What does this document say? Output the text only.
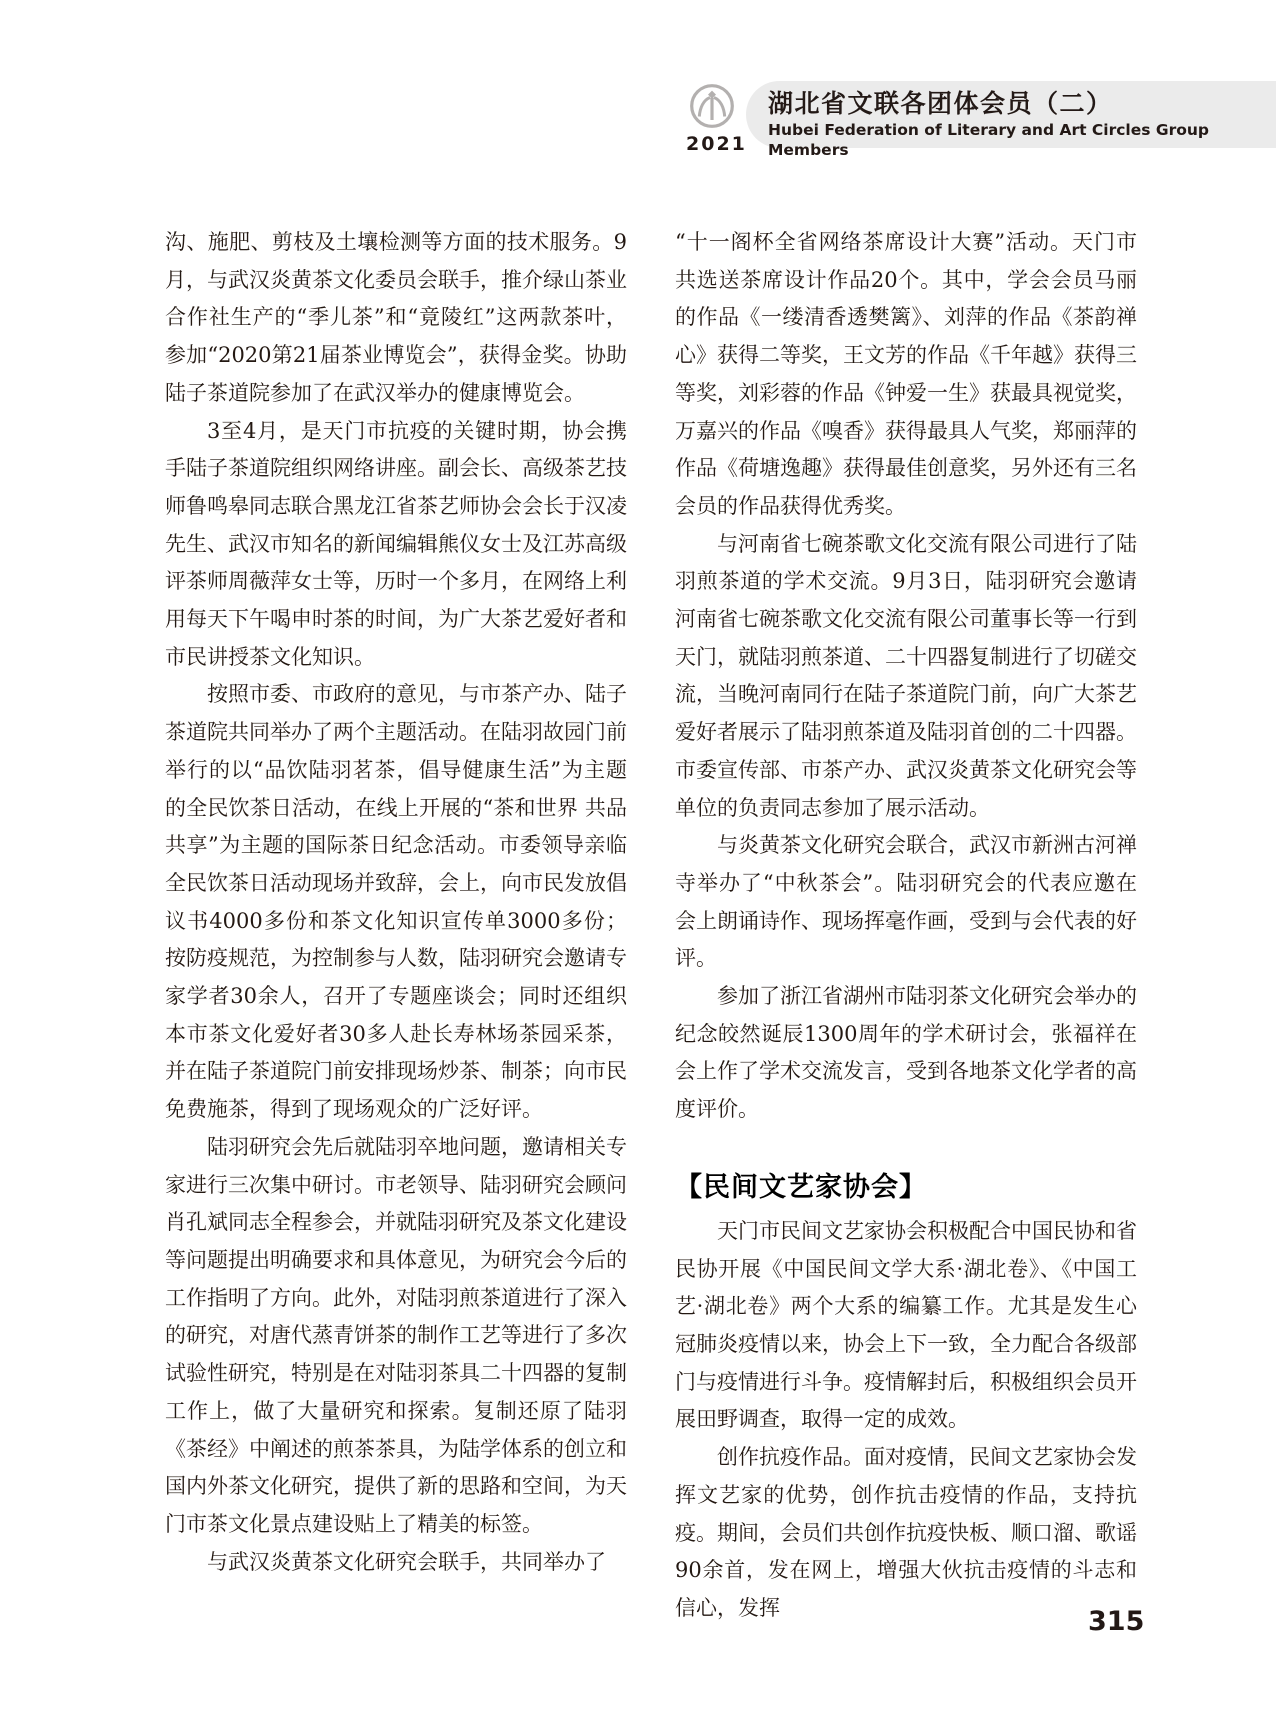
2021
湖北省文联各团体会员（二）
Hubei Federation of Literary and Art Circles Group Members

沟、施肥、剪枝及土壤检测等方面的技术服务。9月，与武汉炎黄茶文化委员会联手，推介绿山茶业合作社生产的“季儿茶”和“竟陵红”这两款茶叶，参加“2020第21届茶业博览会”，获得金奖。协助陆子茶道院参加了在武汉举办的健康博览会。

3至4月，是天门市抗疫的关键时期，协会携手陆子茶道院组织网络讲座。副会长、高级茶艺技师鲁鸣皋同志联合黑龙江省茶艺师协会会长于汉凌先生、武汉市知名的新闻编辑熊仪女士及江苏高级评茶师周薇萍女士等，历时一个多月，在网络上利用每天下午喝申时茶的时间，为广大茶艺爱好者和市民讲授茶文化知识。

按照市委、市政府的意见，与市茶产办、陆子茶道院共同举办了两个主题活动。在陆羽故园门前举行的以“品饮陆羽茗茶，倡导健康生活”为主题的全民饮茶日活动，在线上开展的“茶和世界 共品共享”为主题的国际茶日纪念活动。市委领导亲临全民饮茶日活动现场并致辞，会上，向市民发放倡议书4000多份和茶文化知识宣传单3000多份；按防疫规范，为控制参与人数，陆羽研究会邀请专家学者30余人，召开了专题座谈会；同时还组织本市茶文化爱好者30多人赴长寿林场茶园采茶，并在陆子茶道院门前安排现场炒茶、制茶；向市民免费施茶，得到了现场观众的广泛好评。

陆羽研究会先后就陆羽卒地问题，邀请相关专家进行三次集中研讨。市老领导、陆羽研究会顾问肖孔斌同志全程参会，并就陆羽研究及茶文化建设等问题提出明确要求和具体意见，为研究会今后的工作指明了方向。此外，对陆羽煎茶道进行了深入的研究，对唐代蒸青饼茶的制作工艺等进行了多次试验性研究，特别是在对陆羽茶具二十四器的复制工作上，做了大量研究和探索。复制还原了陆羽《茶经》中阐述的煎茶茶具，为陆学体系的创立和国内外茶文化研究，提供了新的思路和空间，为天门市茶文化景点建设贴上了精美的标签。

与武汉炎黄茶文化研究会联手，共同举办了

“十一阁杯全省网络茶席设计大赛”活动。天门市共选送茶席设计作品20个。其中，学会会员马丽的作品《一缕清香透樊篱》、刘萍的作品《茶韵禅心》获得二等奖，王文芳的作品《千年越》获得三等奖，刘彩蓉的作品《钟爱一生》获最具视觉奖，万嘉兴的作品《嗅香》获得最具人气奖，郑丽萍的作品《荷塘逸趣》获得最佳创意奖，另外还有三名会员的作品获得优秀奖。

与河南省七碗茶歌文化交流有限公司进行了陆羽煎茶道的学术交流。9月3日，陆羽研究会邀请河南省七碗茶歌文化交流有限公司董事长等一行到天门，就陆羽煎茶道、二十四器复制进行了切磋交流，当晚河南同行在陆子茶道院门前，向广大茶艺爱好者展示了陆羽煎茶道及陆羽首创的二十四器。市委宣传部、市茶产办、武汉炎黄茶文化研究会等单位的负责同志参加了展示活动。

与炎黄茶文化研究会联合，武汉市新洲古河禅寺举办了“中秋茶会”。陆羽研究会的代表应邀在会上朗诵诗作、现场挥毫作画，受到与会代表的好评。

参加了浙江省湖州市陆羽茶文化研究会举办的纪念皎然诞辰1300周年的学术研讨会，张福祥在会上作了学术交流发言，受到各地茶文化学者的高度评价。

【民间文艺家协会】

天门市民间文艺家协会积极配合中国民协和省民协开展《中国民间文学大系·湖北卷》、《中国工艺·湖北卷》两个大系的编纂工作。尤其是发生心冠肺炎疫情以来，协会上下一致，全力配合各级部门与疫情进行斗争。疫情解封后，积极组织会员开展田野调查，取得一定的成效。

创作抗疫作品。面对疫情，民间文艺家协会发挥文艺家的优势，创作抗击疫情的作品，支持抗疫。期间，会员们共创作抗疫快板、顺口溜、歌谣90余首，发在网上，增强大伙抗击疫情的斗志和信心，发挥	315
